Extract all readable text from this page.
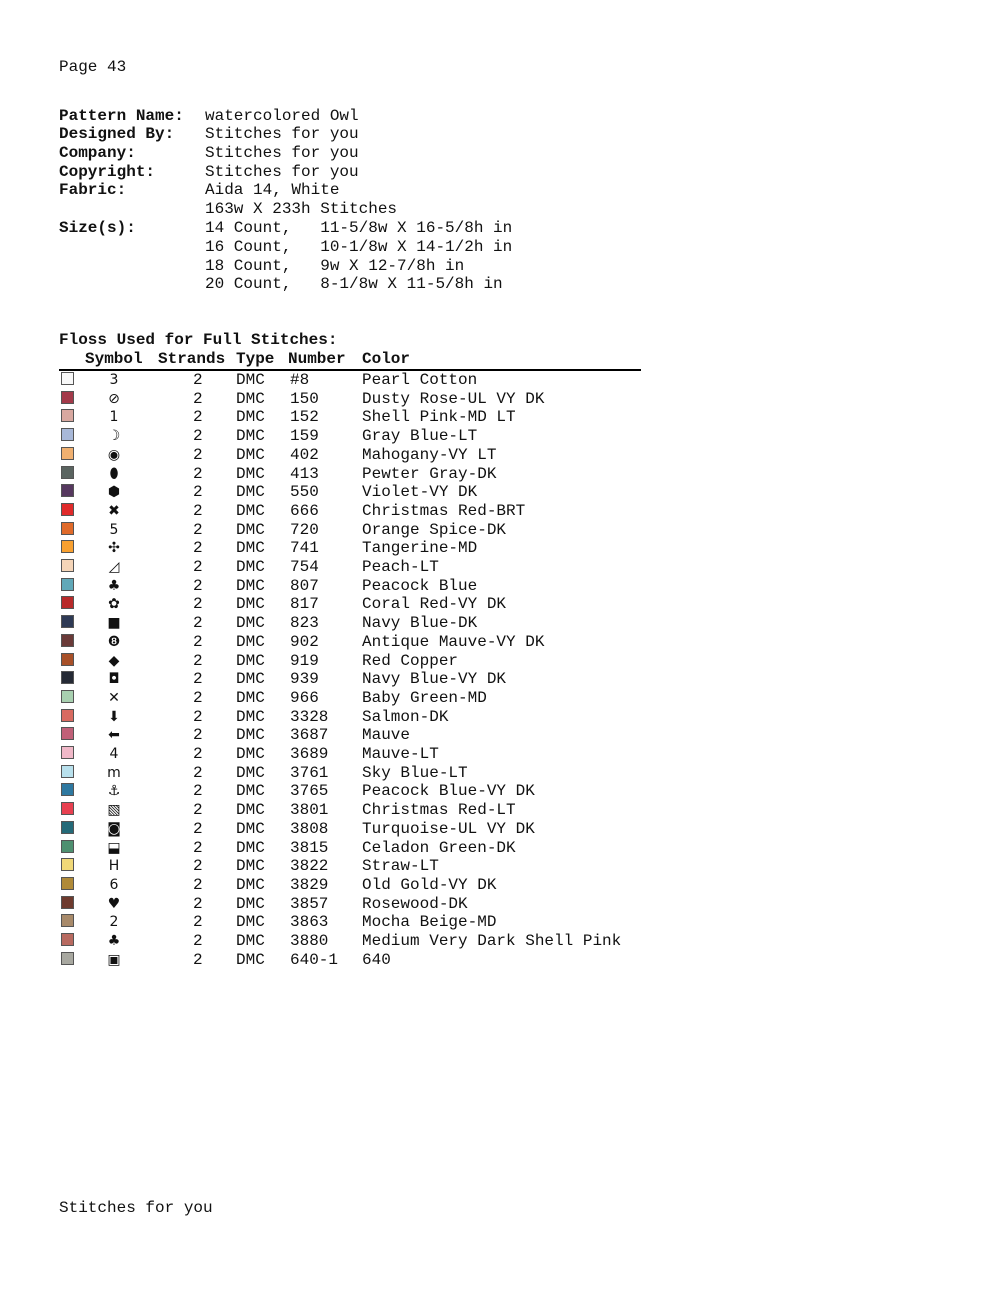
Page 43
Pattern Name: watercolored Owl
Designed By: Stitches for you
Company:	Stitches for you
Copyright:	Stitches for you
Fabric:	Aida 14, White
163w X 233h Stitches
Size(s):	14 Count,   11-5/8w X 16-5/8h in
16 Count,   10-1/8w X 14-1/2h in
18 Count,   9w X 12-7/8h in
20 Count,   8-1/8w X 11-5/8h in
Floss Used for Full Stitches:
Symbol Strands Type Number Color
3	2 DMC #8	Pearl Cotton
⊘	2 DMC 150	Dusty Rose-UL VY DK
1	2 DMC 152	Shell Pink-MD LT
☽	2 DMC 159	Gray Blue-LT
◉	2 DMC 402	Mahogany-VY LT
⬮	2 DMC 413	Pewter Gray-DK
⬢	2 DMC 550	Violet-VY DK
✖	2 DMC 666	Christmas Red-BRT
5	2 DMC 720	Orange Spice-DK
✣	2 DMC 741	Tangerine-MD
◿	2 DMC 754	Peach-LT
♣	2 DMC 807	Peacock Blue
✿	2 DMC 817	Coral Red-VY DK
■	2 DMC 823	Navy Blue-DK
❽	2 DMC 902	Antique Mauve-VY DK
◆	2 DMC 919	Red Copper
◘	2 DMC 939	Navy Blue-VY DK
✕	2 DMC 966	Baby Green-MD
⬇	2 DMC 3328 Salmon-DK
⬅	2 DMC 3687 Mauve
4	2 DMC 3689 Mauve-LT
m	2 DMC 3761 Sky Blue-LT
⚓	2 DMC 3765 Peacock Blue-VY DK
▧	2 DMC 3801 Christmas Red-LT
◙	2 DMC 3808 Turquoise-UL VY DK
⬓	2 DMC 3815 Celadon Green-DK
H	2 DMC 3822 Straw-LT
6	2 DMC 3829 Old Gold-VY DK
♥	2 DMC 3857 Rosewood-DK
2	2 DMC 3863 Mocha Beige-MD
♣	2 DMC 3880 Medium Very Dark Shell Pink
▣	2 DMC 640-1 640
Stitches for you
